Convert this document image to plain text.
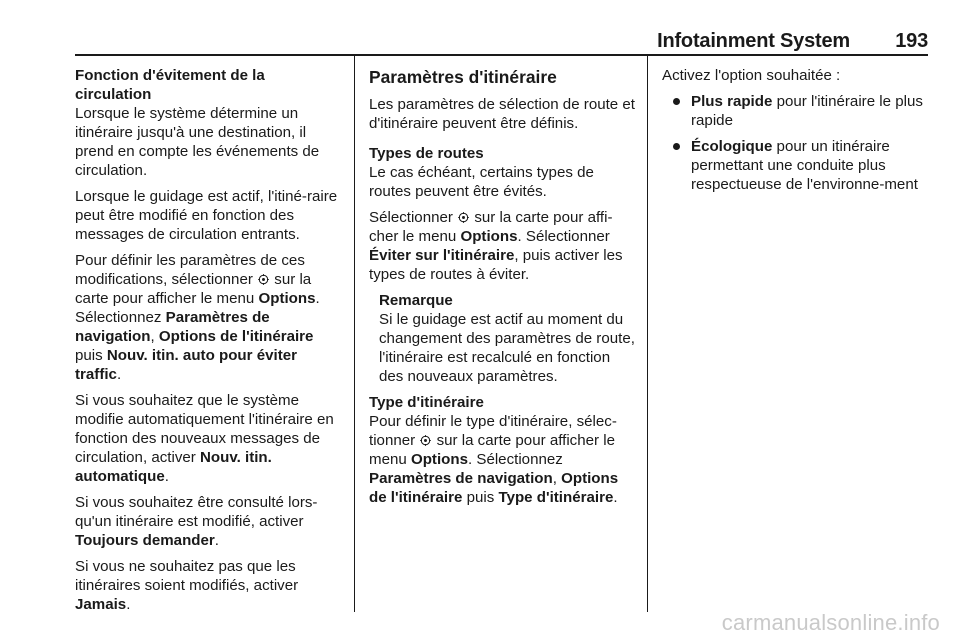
Infotainment System 193
Fonction d'évitement de la circulation

Lorsque le système détermine un itinéraire jusqu'à une destination, il prend en compte les événements de circulation.

Lorsque le guidage est actif, l'itiné-raire peut être modifié en fonction des messages de circulation entrants.

Pour définir les paramètres de ces modifications, sélectionner sur la carte pour afficher le menu Options. Sélectionnez Paramètres de navigation, Options de l'itinéraire puis Nouv. itin. auto pour éviter traffic.

Si vous souhaitez que le système modifie automatiquement l'itinéraire en fonction des nouveaux messages de circulation, activer Nouv. itin. automatique.

Si vous souhaitez être consulté lors-qu'un itinéraire est modifié, activer Toujours demander.

Si vous ne souhaitez pas que les itinéraires soient modifiés, activer Jamais.

Paramètres d'itinéraire

Les paramètres de sélection de route et d'itinéraire peuvent être définis.

Types de routes

Le cas échéant, certains types de routes peuvent être évités.

Sélectionner sur la carte pour affi-cher le menu Options. Sélectionner Éviter sur l'itinéraire, puis activer les types de routes à éviter.

Remarque
Si le guidage est actif au moment du changement des paramètres de route, l'itinéraire est recalculé en fonction des nouveaux paramètres.
Type d'itinéraire

Pour définir le type d'itinéraire, sélec-tionner sur la carte pour afficher le menu Options. Sélectionnez Paramètres de navigation, Options de l'itinéraire puis Type d'itinéraire.

Activez l'option souhaitée :

Plus rapide pour l'itinéraire le plus rapide
Écologique pour un itinéraire permettant une conduite plus respectueuse de l'environne-ment
carmanualsonline.info
